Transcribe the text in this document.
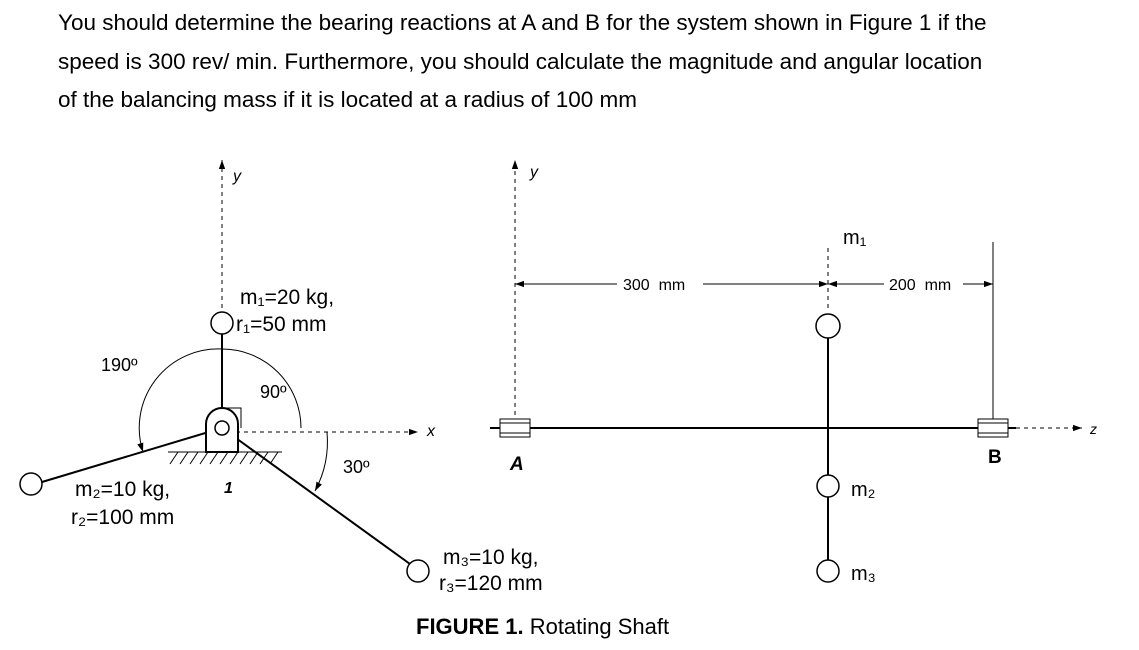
You should determine the bearing reactions at A and B for the system shown in Figure 1 if the
speed is 300 rev/ min. Furthermore, you should calculate the magnitude and angular location
of the balancing mass if it is located at a radius of 100 mm
y
x
m₁=20 kg,
r₁=50 mm
m₂=10 kg,
r₂=100 mm
m₃=10 kg,
r₃=120 mm
190º
90º
30º
1
y
z
A	B
m₁
m₂
m₃
300  mm	200  mm
FIGURE 1. Rotating Shaft
